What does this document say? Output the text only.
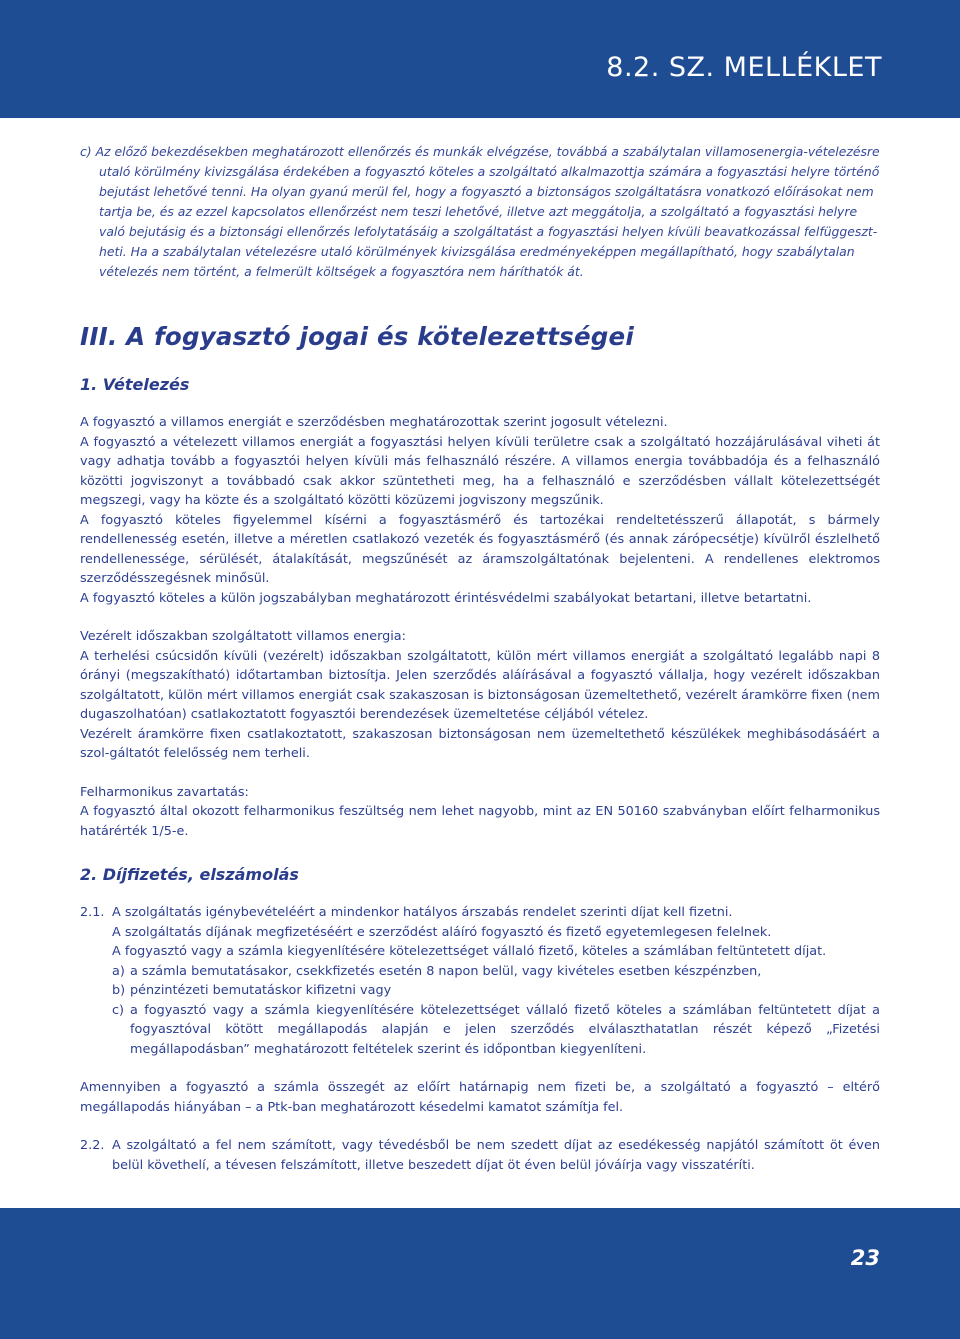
8.2. SZ. MELLÉKLET

c) Az előző bekezdésekben meghatározott ellenőrzés és munkák elvégzése, továbbá a szabálytalan villamosenergia-vételezésre

utaló körülmény kivizsgálása érdekében a fogyasztó köteles a szolgáltató alkalmazottja számára a fogyasztási helyre történő

bejutást lehetővé tenni. Ha olyan gyanú merül fel, hogy a fogyasztó a biztonságos szolgáltatásra vonatkozó előírásokat nem

tartja be, és az ezzel kapcsolatos ellenőrzést nem teszi lehetővé, illetve azt meggátolja, a szolgáltató a fogyasztási helyre

való bejutásig és a biztonsági ellenőrzés lefolytatásáig a szolgáltatást a fogyasztási helyen kívüli beavatkozással felfüggeszt-

heti. Ha a szabálytalan vételezésre utaló körülmények kivizsgálása eredményeképpen megállapítható, hogy szabálytalan

vételezés nem történt, a felmerült költségek a fogyasztóra nem háríthatók át.

III. A fogyasztó jogai és kötelezettségei
1. Vételezés

A fogyasztó a villamos energiát e szerződésben meghatározottak szerint jogosult vételezni.

A fogyasztó a vételezett villamos energiát a fogyasztási helyen kívüli területre csak a szolgáltató hozzájárulásával viheti át vagy adhatja tovább a fogyasztói helyen kívüli más felhasználó részére. A villamos energia továbbadója és a felhasználó közötti jogviszonyt a továbbadó csak akkor szüntetheti meg, ha a felhasználó e szerződésben vállalt kötelezettségét megszegi, vagy ha közte és a szolgáltató közötti közüzemi jogviszony megszűnik.

A fogyasztó köteles figyelemmel kísérni a fogyasztásmérő és tartozékai rendeltetésszerű állapotát, s bármely rendellenesség esetén, illetve a méretlen csatlakozó vezeték és fogyasztásmérő (és annak zárópecsétje) kívülről észlelhető rendellenessége, sérülését, átalakítását, megszűnését az áramszolgáltatónak bejelenteni. A rendellenes elektromos szerződésszegésnek minősül.

A fogyasztó köteles a külön jogszabályban meghatározott érintésvédelmi szabályokat betartani, illetve betartatni.

Vezérelt időszakban szolgáltatott villamos energia:

A terhelési csúcsidőn kívüli (vezérelt) időszakban szolgáltatott, külön mért villamos energiát a szolgáltató legalább napi 8 órányi (megszakítható) időtartamban biztosítja. Jelen szerződés aláírásával a fogyasztó vállalja, hogy vezérelt időszakban szolgáltatott, külön mért villamos energiát csak szakaszosan is biztonságosan üzemeltethető, vezérelt áramkörre fixen (nem dugaszolhatóan) csatlakoztatott fogyasztói berendezések üzemeltetése céljából vételez.

Vezérelt áramkörre fixen csatlakoztatott, szakaszosan biztonságosan nem üzemeltethető készülékek meghibásodásáért a szol-gáltatót felelősség nem terheli.

Felharmonikus zavartatás:

A fogyasztó által okozott felharmonikus feszültség nem lehet nagyobb, mint az EN 50160 szabványban előírt felharmonikus határérték 1/5-e.

2. Díjfizetés, elszámolás
2.1. A szolgáltatás igénybevételéért a mindenkor hatályos árszabás rendelet szerinti díjat kell fizetni.

A szolgáltatás díjának megfizetéséért e szerződést aláíró fogyasztó és fizető egyetemlegesen felelnek.

A fogyasztó vagy a számla kiegyenlítésére kötelezettséget vállaló fizető, köteles a számlában feltüntetett díjat.

a) a számla bemutatásakor, csekkfizetés esetén 8 napon belül, vagy kivételes esetben készpénzben,

b) pénzintézeti bemutatáskor kifizetni vagy

c) a fogyasztó vagy a számla kiegyenlítésére kötelezettséget vállaló fizető köteles a számlában feltüntetett díjat a fogyasztóval kötött megállapodás alapján e jelen szerződés elválaszthatatlan részét képező „Fizetési megállapodásban” meghatározott feltételek szerint és időpontban kiegyenlíteni.

Amennyiben a fogyasztó a számla összegét az előírt határnapig nem fizeti be, a szolgáltató a fogyasztó – eltérő megállapodás hiányában – a Ptk-ban meghatározott késedelmi kamatot számítja fel.

2.2. A szolgáltató a fel nem számított, vagy tévedésből be nem szedett díjat az esedékesség napjától számított öt éven belül követhelí, a tévesen felszámított, illetve beszedett díjat öt éven belül jóváírja vagy visszatéríti.

23
